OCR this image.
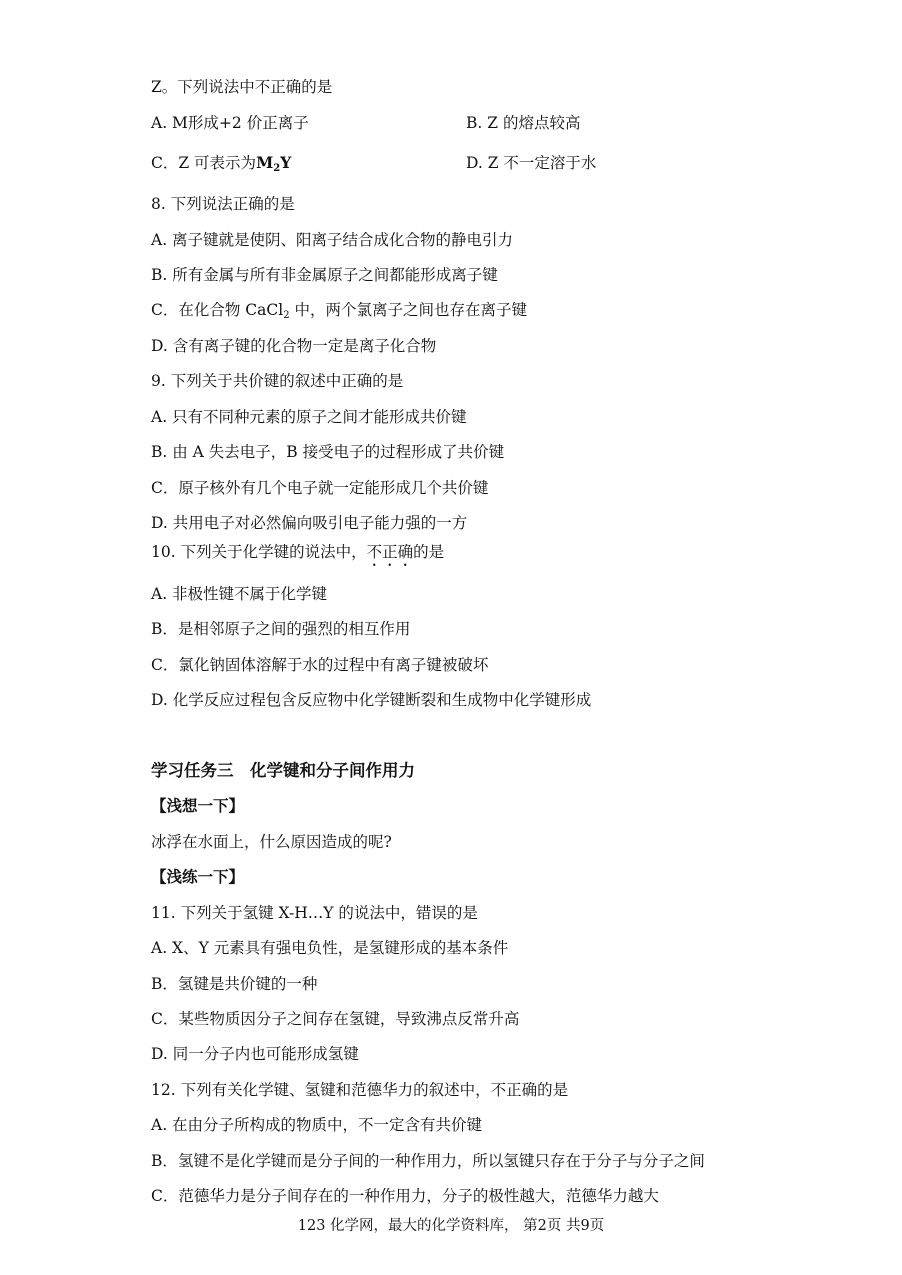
Z。下列说法中不正确的是
A. M形成+2 价正离子	B. Z 的熔点较高
C．Z 可表示为$M_2Y$	D. Z 不一定溶于水
8. 下列说法正确的是
A. 离子键就是使阴、阳离子结合成化合物的静电引力
B. 所有金属与所有非金属原子之间都能形成离子键
C．在化合物 CaCl$_2$ 中，两个氯离子之间也存在离子键
D. 含有离子键的化合物一定是离子化合物
9. 下列关于共价键的叙述中正确的是
A. 只有不同种元素的原子之间才能形成共价键
B. 由 A 失去电子，B 接受电子的过程形成了共价键
C．原子核外有几个电子就一定能形成几个共价键
D. 共用电子对必然偏向吸引电子能力强的一方
10. 下列关于化学键的说法中，不正确的是
A. 非极性键不属于化学键
B．是相邻原子之间的强烈的相互作用
C．氯化钠固体溶解于水的过程中有离子键被破坏
D. 化学反应过程包含反应物中化学键断裂和生成物中化学键形成
学习任务三　化学键和分子间作用力
【浅想一下】
冰浮在水面上，什么原因造成的呢?
【浅练一下】
11. 下列关于氢键 X-H…Y 的说法中，错误的是
A. X、Y 元素具有强电负性，是氢键形成的基本条件
B．氢键是共价键的一种
C．某些物质因分子之间存在氢键，导致沸点反常升高
D. 同一分子内也可能形成氢键
12. 下列有关化学键、氢键和范德华力的叙述中，不正确的是
A. 在由分子所构成的物质中，不一定含有共价键
B．氢键不是化学键而是分子间的一种作用力，所以氢键只存在于分子与分子之间
C．范德华力是分子间存在的一种作用力，分子的极性越大，范德华力越大
123 化学网，最大的化学资料库， 第2页 共9页
